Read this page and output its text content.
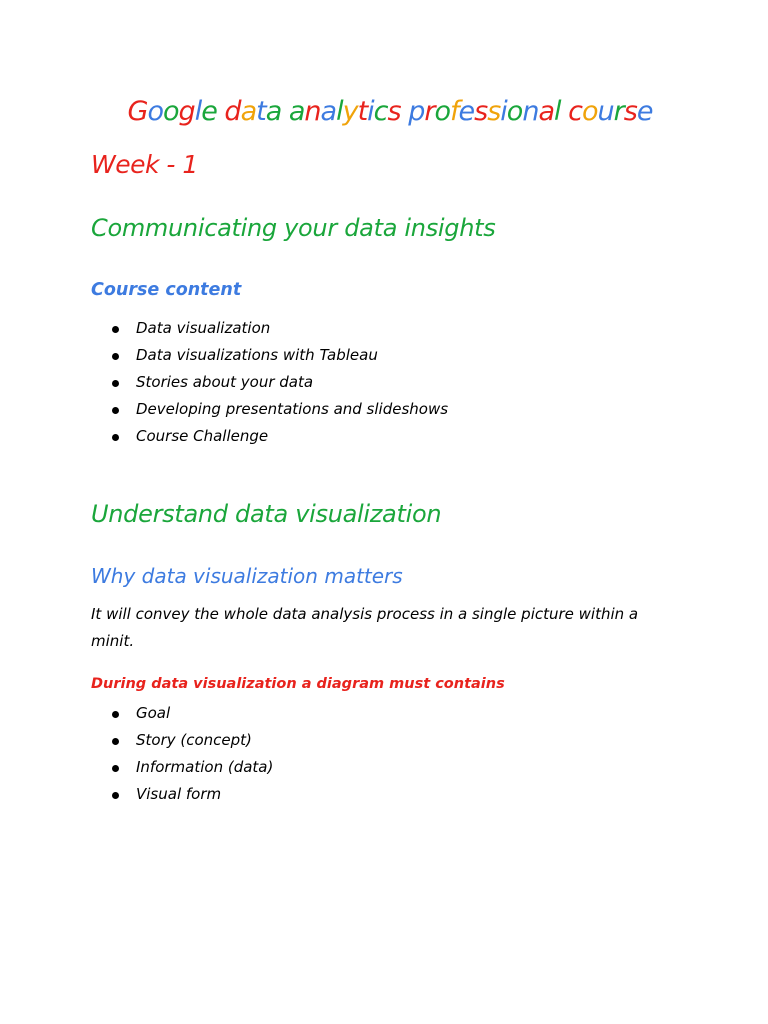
Google data analytics professional course
Week - 1
Communicating your data insights
Course content
Data visualization
Data visualizations with Tableau
Stories about your data
Developing presentations and slideshows
Course Challenge
Understand data visualization
Why data visualization matters

It will convey the whole data analysis process in a single picture within a minit.

During data visualization a diagram must contains

Goal
Story (concept)
Information (data)
Visual form
